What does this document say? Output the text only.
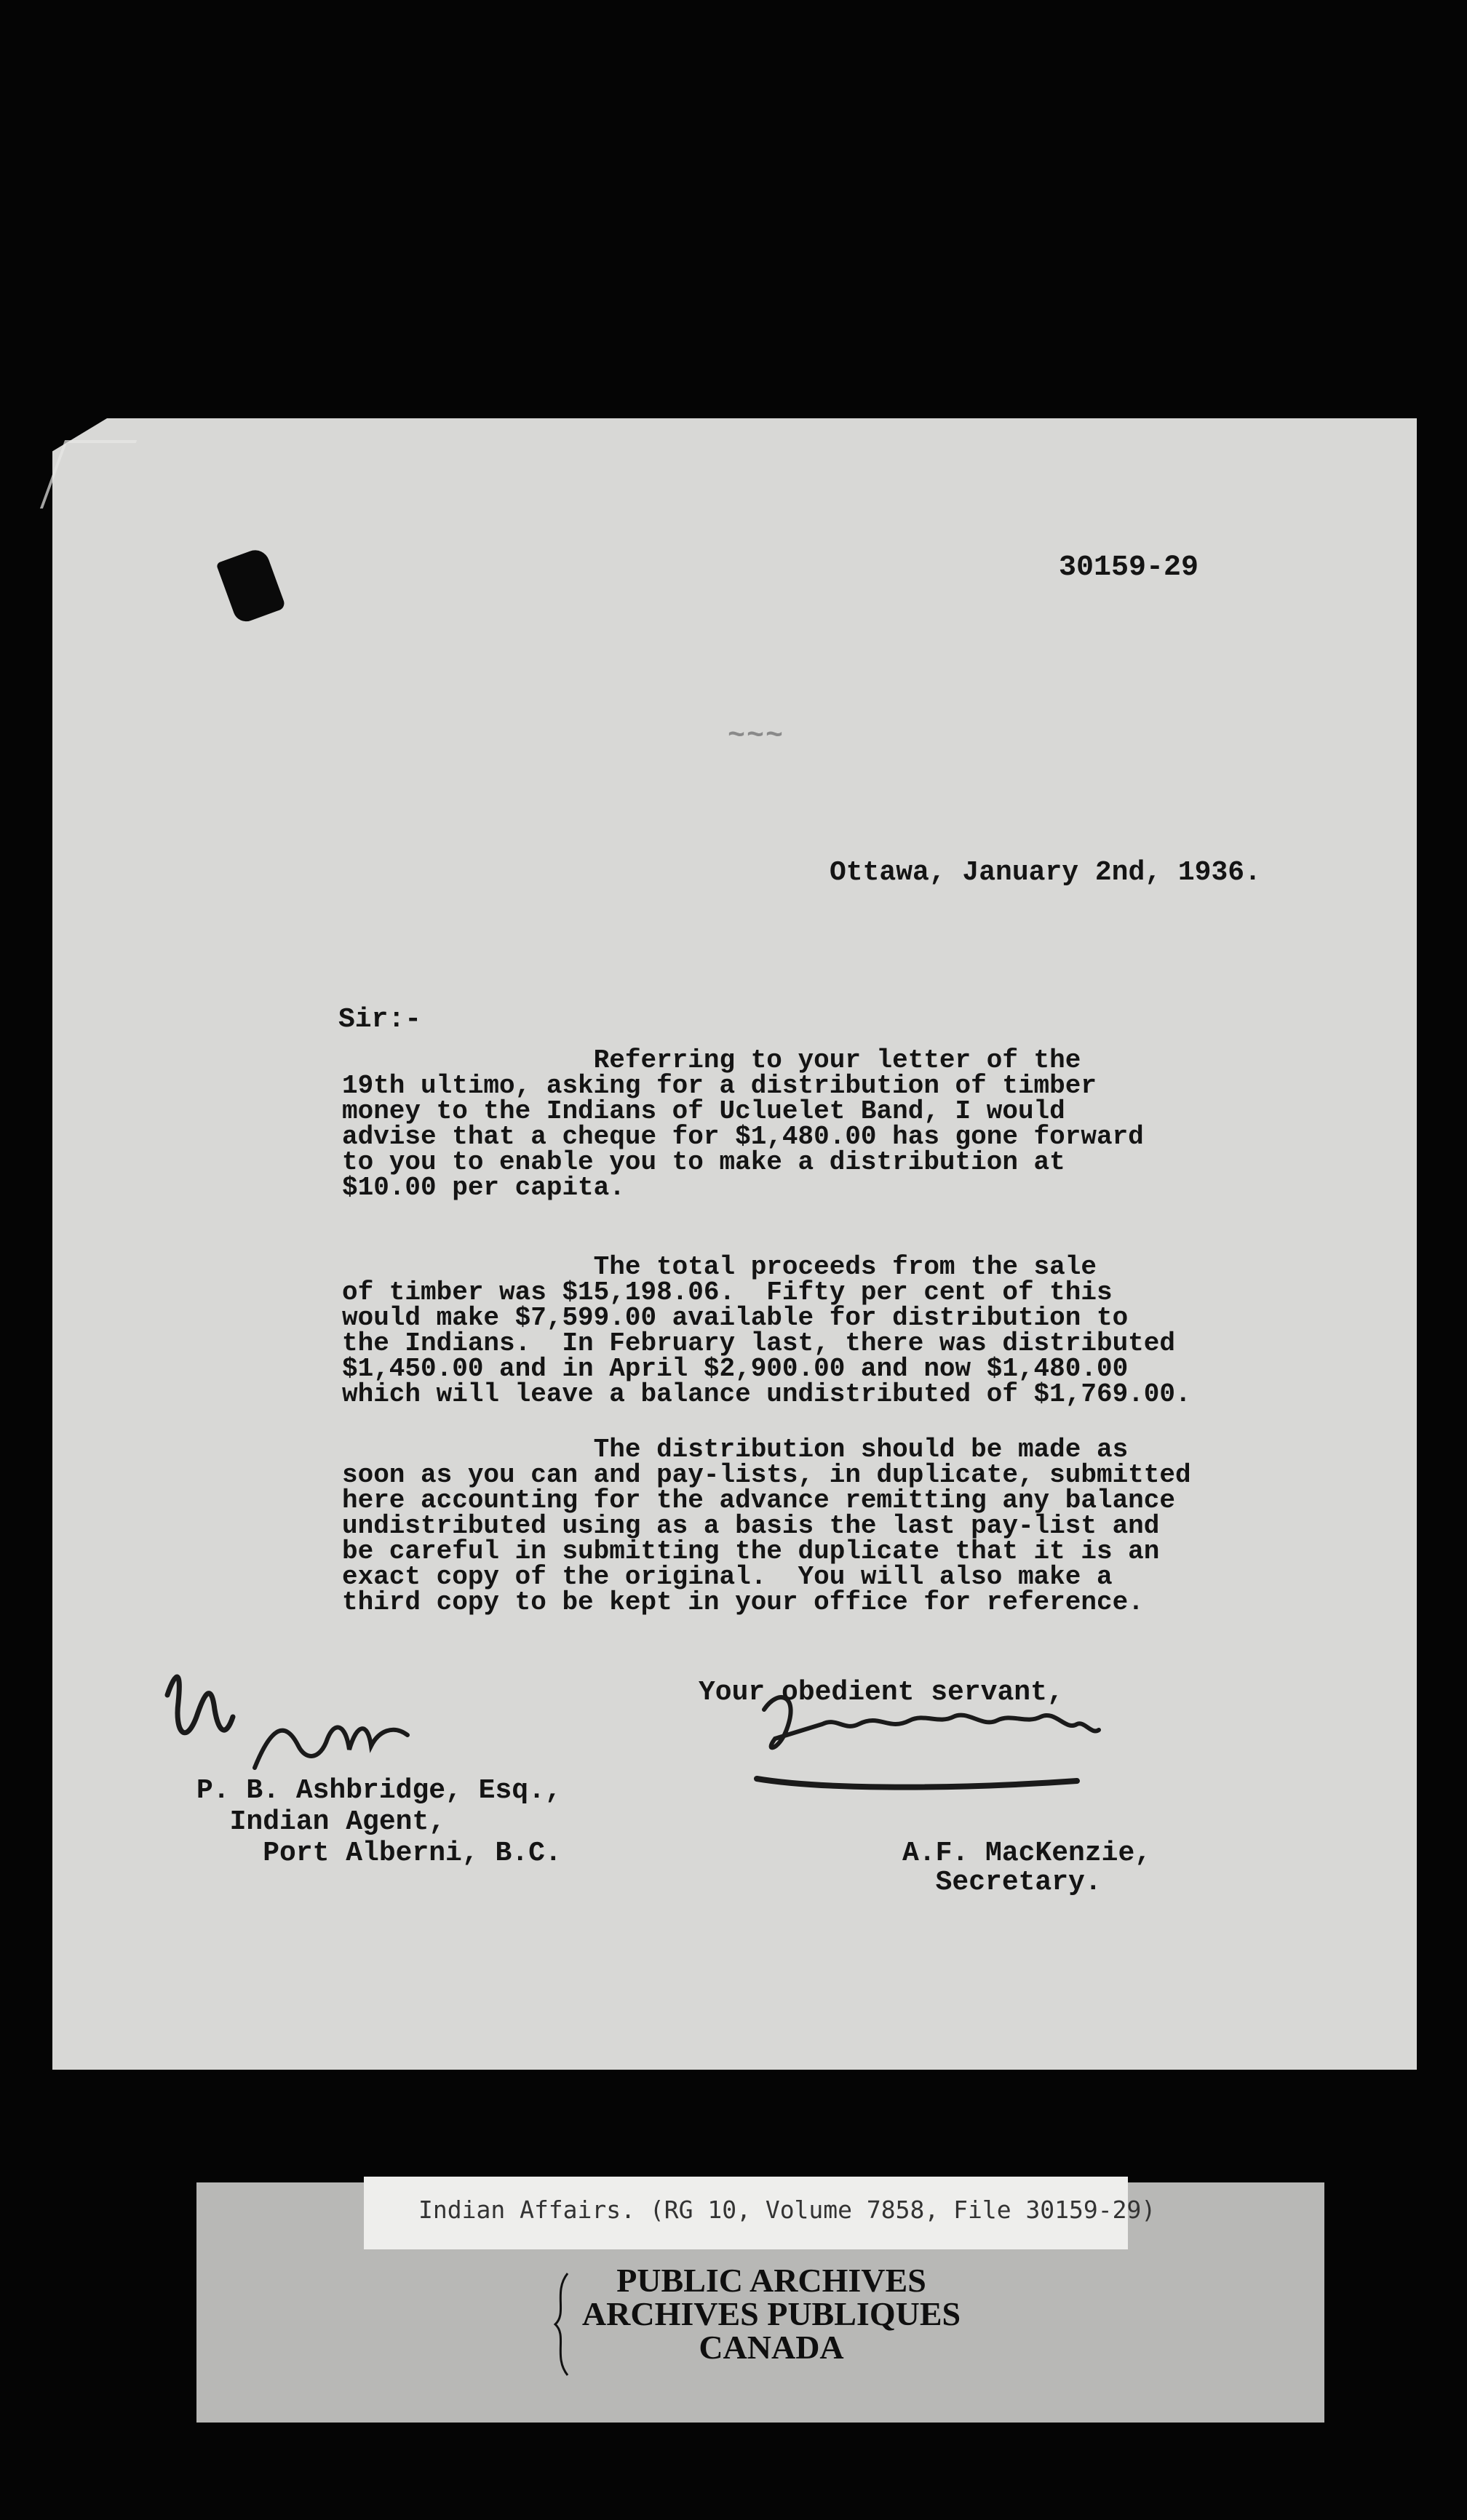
30159-29
~~~
Ottawa, January 2nd, 1936.
Sir:-
Referring to your letter of the
19th ultimo, asking for a distribution of timber
money to the Indians of Ucluelet Band, I would
advise that a cheque for $1,480.00 has gone forward
to you to enable you to make a distribution at
$10.00 per capita.
The total proceeds from the sale
of timber was $15,198.06.  Fifty per cent of this
would make $7,599.00 available for distribution to
the Indians.  In February last, there was distributed
$1,450.00 and in April $2,900.00 and now $1,480.00
which will leave a balance undistributed of $1,769.00.
The distribution should be made as
soon as you can and pay-lists, in duplicate, submitted
here accounting for the advance remitting any balance
undistributed using as a basis the last pay-list and
be careful in submitting the duplicate that it is an
exact copy of the original.  You will also make a
third copy to be kept in your office for reference.
Your obedient servant,
P. B. Ashbridge, Esq.,
Indian Agent,
Port Alberni, B.C.	A.F. MacKenzie,
Secretary.
Indian Affairs. (RG 10, Volume 7858, File 30159-29)
PUBLIC ARCHIVES
ARCHIVES PUBLIQUES
CANADA
